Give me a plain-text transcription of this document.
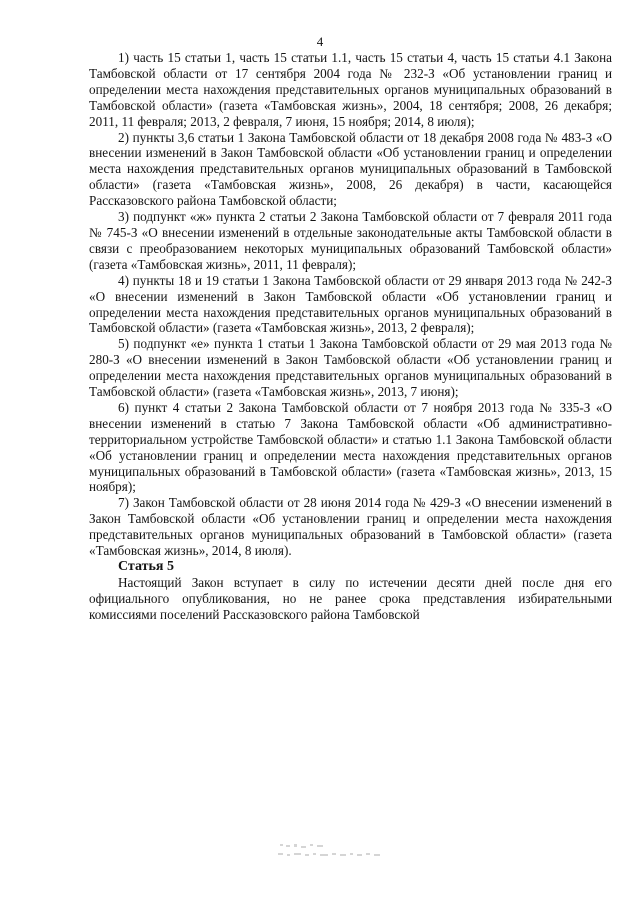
4

1) часть 15 статьи 1, часть 15 статьи 1.1, часть 15 статьи 4, часть 15 статьи 4.1 Закона Тамбовской области от 17 сентября 2004 года № 232-З «Об установлении границ и определении места нахождения представительных органов муниципальных образований в Тамбовской области» (газета «Тамбовская жизнь», 2004, 18 сентября; 2008, 26 декабря; 2011, 11 февраля; 2013, 2 февраля, 7 июня, 15 ноября; 2014, 8 июля);

2) пункты 3,6 статьи 1 Закона Тамбовской области от 18 декабря 2008 года № 483-З «О внесении изменений в Закон Тамбовской области «Об установлении границ и определении места нахождения представительных органов муниципальных образований в Тамбовской области» (газета «Тамбовская жизнь», 2008, 26 декабря) в части, касающейся Рассказовского района Тамбовской области;

3) подпункт «ж» пункта 2 статьи 2 Закона Тамбовской области от 7 февраля 2011 года № 745-З «О внесении изменений в отдельные законодательные акты Тамбовской области в связи с преобразованием некоторых муниципальных образований Тамбовской области» (газета «Тамбовская жизнь», 2011, 11 февраля);

4) пункты 18 и 19 статьи 1 Закона Тамбовской области от 29 января 2013 года № 242-З «О внесении изменений в Закон Тамбовской области «Об установлении границ и определении места нахождения представительных органов муниципальных образований в Тамбовской области» (газета «Тамбовская жизнь», 2013, 2 февраля);

5) подпункт «е» пункта 1 статьи 1 Закона Тамбовской области от 29 мая 2013 года № 280-З «О внесении изменений в Закон Тамбовской области «Об установлении границ и определении места нахождения представительных органов муниципальных образований в Тамбовской области» (газета «Тамбовская жизнь», 2013, 7 июня);

6) пункт 4 статьи 2 Закона Тамбовской области от 7 ноября 2013 года № 335-З «О внесении изменений в статью 7 Закона Тамбовской области «Об административно-территориальном устройстве Тамбовской области» и статью 1.1 Закона Тамбовской области «Об установлении границ и определении места нахождения представительных органов муниципальных образований в Тамбовской области» (газета «Тамбовская жизнь», 2013, 15 ноября);

7) Закон Тамбовской области от 28 июня 2014 года № 429-З «О внесении изменений в Закон Тамбовской области «Об установлении границ и определении места нахождения представительных органов муниципальных образований в Тамбовской области» (газета «Тамбовская жизнь», 2014, 8 июля).

Статья 5

Настоящий Закон вступает в силу по истечении десяти дней после дня его официального опубликования, но не ранее срока представления избирательными комиссиями поселений Рассказовского района Тамбовской
